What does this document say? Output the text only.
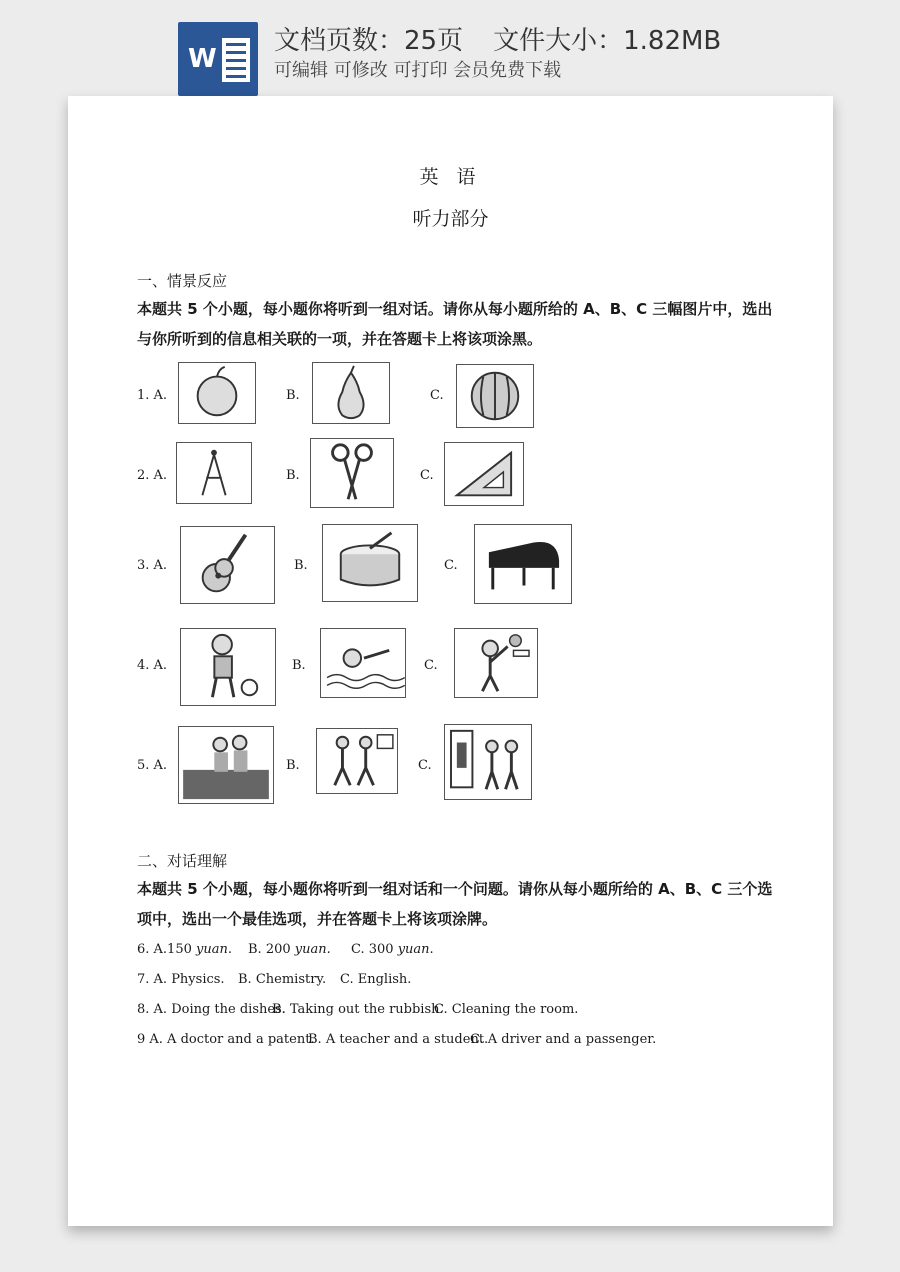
W
文档页数：25页 文件大小：1.82MB
可编辑 可修改 可打印 会员免费下载
英 语
听力部分
一、情景反应
本题共 5 个小题，每小题你将听到一组对话。请你从每小题所给的 A、B、C 三幅图片中，选出与你所听到的信息相关联的一项，并在答题卡上将该项涂黑。
1. A.	B.	C.
2. A.	B.	C.
3. A.	B.	C.
4. A.	B.	C.
5. A.	B.	C.
二、对话理解
本题共 5 个小题，每小题你将听到一组对话和一个问题。请你从每小题所给的 A、B、C 三个选项中，选出一个最佳选项，并在答题卡上将该项涂牌。
6. A.150 yuan. B. 200 yuan. C. 300 yuan.
7. A. Physics. B. Chemistry. C. English.
8. A. Doing the dishes.
B. Taking out the rubbish.
C. Cleaning the room.
9 A. A doctor and a patent.
B. A teacher and a student.
C. A driver and a passenger.
